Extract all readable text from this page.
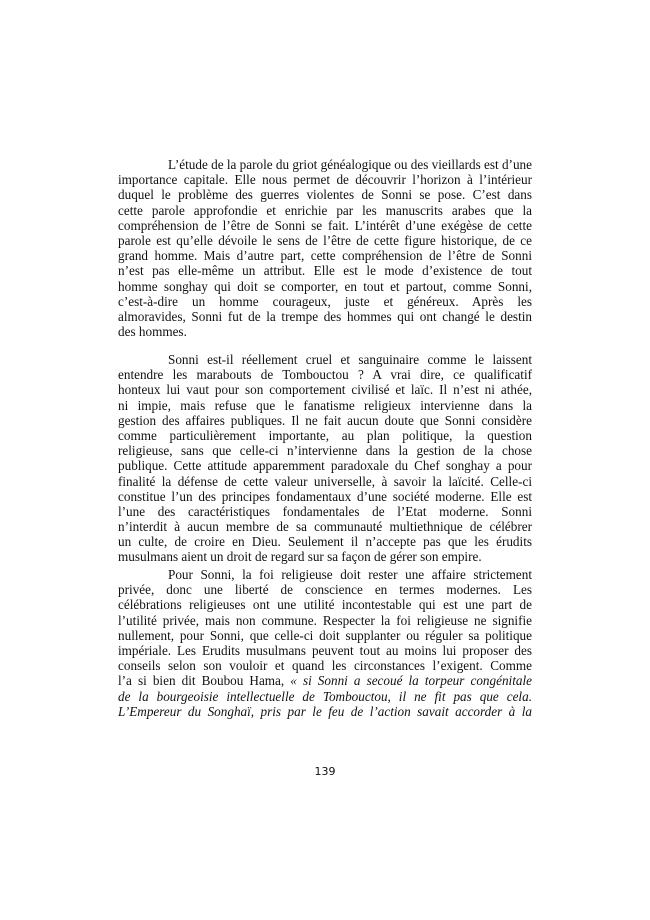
L’étude de la parole du griot généalogique ou des vieillards est d’une
importance capitale. Elle nous permet de découvrir l’horizon à l’intérieur
duquel le problème des guerres violentes de Sonni se pose. C’est dans
cette parole approfondie et enrichie par les manuscrits arabes que la
compréhension de l’être de Sonni se fait. L’intérêt d’une exégèse de cette
parole est qu’elle dévoile le sens de l’être de cette figure historique, de ce
grand homme. Mais d’autre part, cette compréhension de l’être de Sonni
n’est pas elle-même un attribut. Elle est le mode d’existence de tout
homme songhay qui doit se comporter, en tout et partout, comme Sonni,
c’est-à-dire un homme courageux, juste et généreux. Après les
almoravides, Sonni fut de la trempe des hommes qui ont changé le destin
des hommes.
Sonni est-il réellement cruel et sanguinaire comme le laissent
entendre les marabouts de Tombouctou ? A vrai dire, ce qualificatif
honteux lui vaut pour son comportement civilisé et laïc. Il n’est ni athée,
ni impie, mais refuse que le fanatisme religieux intervienne dans la
gestion des affaires publiques. Il ne fait aucun doute que Sonni considère
comme particulièrement importante, au plan politique, la question
religieuse, sans que celle-ci n’intervienne dans la gestion de la chose
publique. Cette attitude apparemment paradoxale du Chef songhay a pour
finalité la défense de cette valeur universelle, à savoir la laïcité. Celle-ci
constitue l’un des principes fondamentaux d’une société moderne. Elle est
l’une des caractéristiques fondamentales de l’Etat moderne. Sonni
n’interdit à aucun membre de sa communauté multiethnique de célébrer
un culte, de croire en Dieu. Seulement il n’accepte pas que les érudits
musulmans aient un droit de regard sur sa façon de gérer son empire.
Pour Sonni, la foi religieuse doit rester une affaire strictement
privée, donc une liberté de conscience en termes modernes. Les
célébrations religieuses ont une utilité incontestable qui est une part de
l’utilité privée, mais non commune. Respecter la foi religieuse ne signifie
nullement, pour Sonni, que celle-ci doit supplanter ou réguler sa politique
impériale. Les Erudits musulmans peuvent tout au moins lui proposer des
conseils selon son vouloir et quand les circonstances l’exigent. Comme
l’a si bien dit Boubou Hama, « si Sonni a secoué la torpeur congénitale
de la bourgeoisie intellectuelle de Tombouctou, il ne fit pas que cela.
L’Empereur du Songhaï, pris par le feu de l’action savait accorder à la
139
